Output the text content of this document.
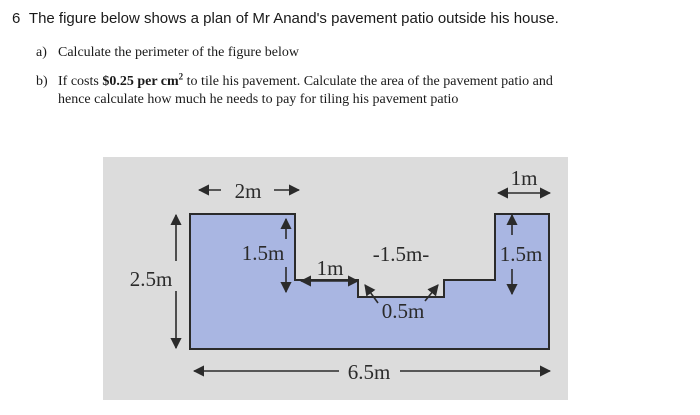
6 The figure below shows a plan of Mr Anand's pavement patio outside his house.
a) Calculate the perimeter of the figure below
b) If costs $0.25 per $cm^2$ to tile his pavement. Calculate the area of the pavement patio and
hence calculate how much he needs to pay for tiling his pavement patio
2m
1m
1.5m
1m
-1.5m-	1.5m
2.5m
0.5m
6.5m
